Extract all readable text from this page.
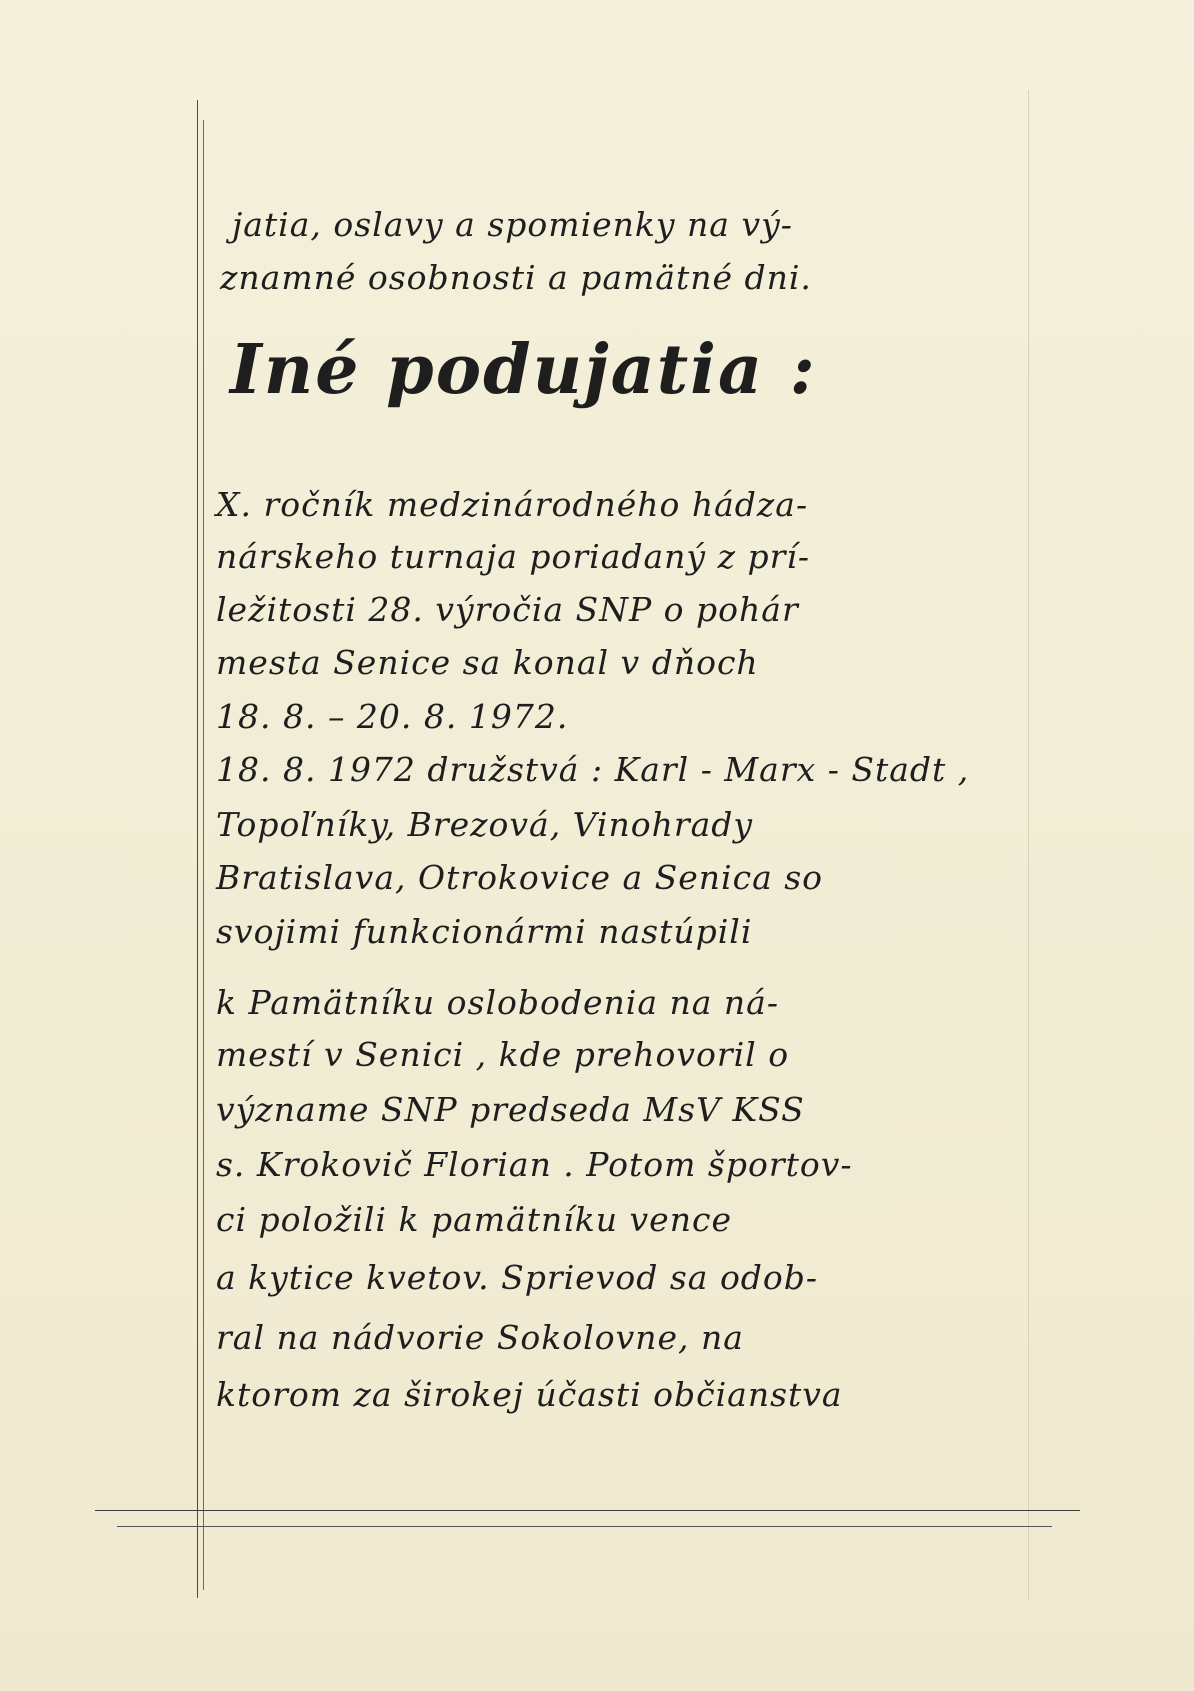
jatia, oslavy a spomienky na vý-
znamné osobnosti a pamätné dni.
Iné podujatia :
X. ročník medzinárodného hádza-
nárskeho turnaja poriadaný z prí-
ležitosti 28. výročia SNP o pohár
mesta Senice sa konal v dňoch
18. 8. – 20. 8. 1972.
18. 8. 1972 družstvá : Karl - Marx - Stadt ,
Topoľníky, Brezová, Vinohrady
Bratislava, Otrokovice a Senica so
svojimi funkcionármi nastúpili
k Pamätníku oslobodenia na ná-
mestí v Senici , kde prehovoril o
význame SNP predseda MsV KSS
s. Krokovič Florian . Potom športov-
ci položili k pamätníku vence
a kytice kvetov. Sprievod sa odob-
ral na nádvorie Sokolovne, na
ktorom za širokej účasti občianstva
